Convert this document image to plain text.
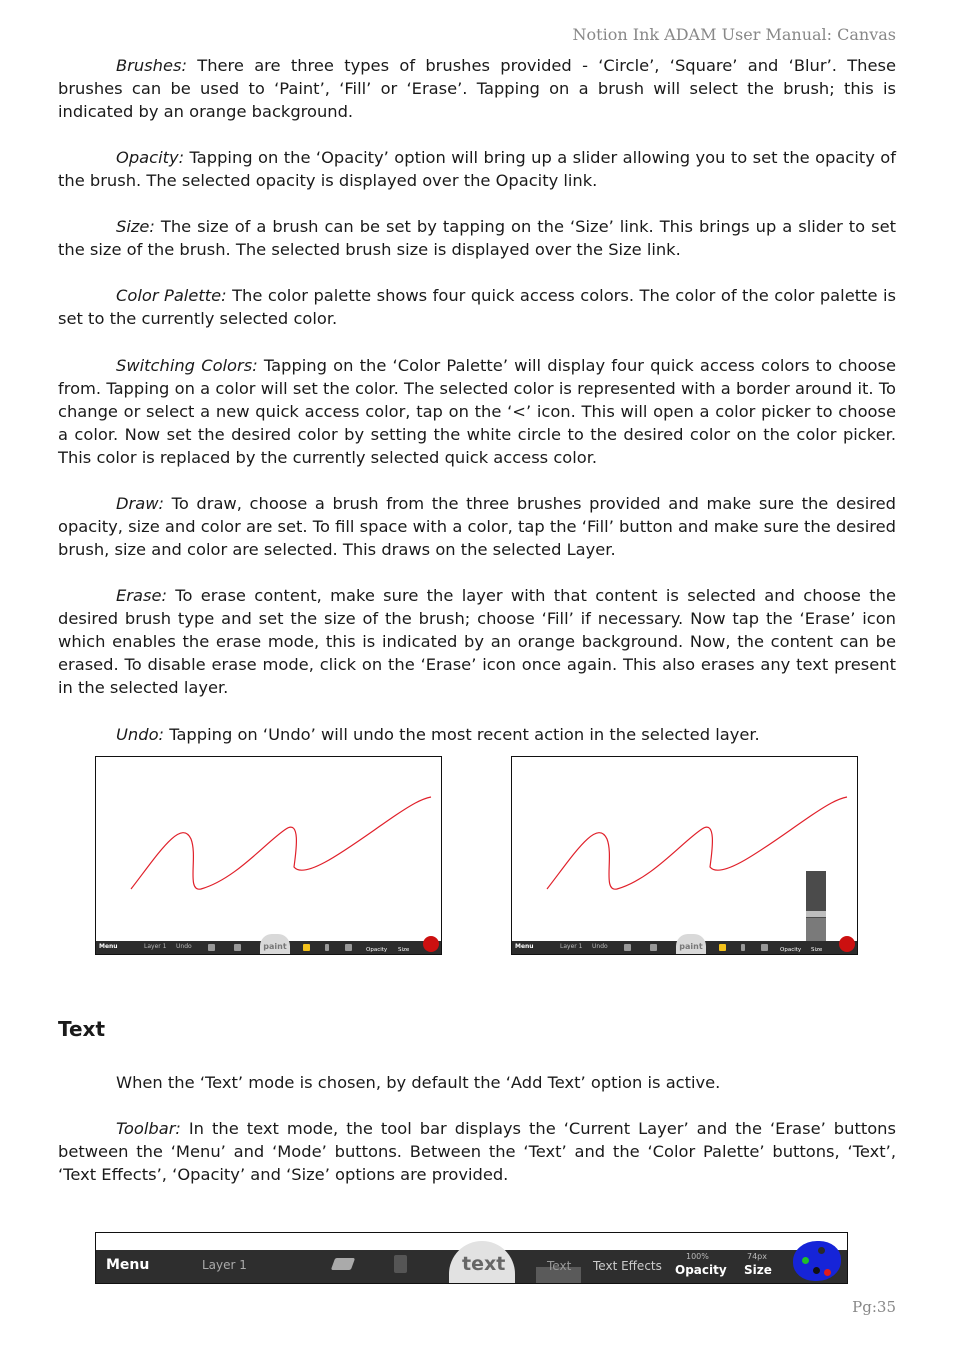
Notion Ink ADAM User Manual: Canvas

Brushes: There are three types of brushes provided - ‘Circle’, ‘Square’ and ‘Blur’. These brushes can be used to ‘Paint’, ‘Fill’ or ‘Erase’. Tapping on a brush will select the brush; this is indicated by an orange background.

Opacity: Tapping on the ‘Opacity’ option will bring up a slider allowing you to set the opacity of the brush. The selected opacity is displayed over the Opacity link.

Size: The size of a brush can be set by tapping on the ‘Size’ link. This brings up a slider to set the size of the brush. The selected brush size is displayed over the Size link.

Color Palette: The color palette shows four quick access colors. The color of the color palette is set to the currently selected color.

Switching Colors: Tapping on the ‘Color Palette’ will display four quick access colors to choose from. Tapping on a color will set the color. The selected color is represented with a border around it. To change or select a new quick access color, tap on the ‘<’ icon. This will open a color picker to choose a color. Now set the desired color by setting the white circle to the desired color on the color picker. This color is replaced by the currently selected quick access color.

Draw: To draw, choose a brush from the three brushes provided and make sure the desired opacity, size and color are set. To fill space with a color, tap the ‘Fill’ button and make sure the desired brush, size and color are selected. This draws on the selected Layer.

Erase: To erase content, make sure the layer with that content is selected and choose the desired brush type and set the size of the brush; choose ‘Fill’ if necessary. Now tap the ‘Erase’ icon which enables the erase mode, this is indicated by an orange background. Now, the content can be erased. To disable erase mode, click on the ‘Erase’ icon once again. This also erases any text present in the selected layer.

Undo: Tapping on ‘Undo’ will undo the most recent action in the selected layer.

Menu	Layer 1 Undo	paint	Opacity Size	Menu	Layer 1 Undo	paint	Opacity Size
Text

When the ‘Text’ mode is chosen, by default the ‘Add Text’ option is active.

Toolbar: In the text mode, the tool bar displays the ‘Current Layer’ and the ‘Erase’ buttons between the ‘Menu’ and ‘Mode’ buttons. Between the ‘Text’ and the ‘Color Palette’ buttons, ‘Text’, ‘Text Effects’, ‘Opacity’ and ‘Size’ options are provided.

Menu	Layer 1	Text Text Effects
100%
Opacity
74px
Size
text
Pg:35
